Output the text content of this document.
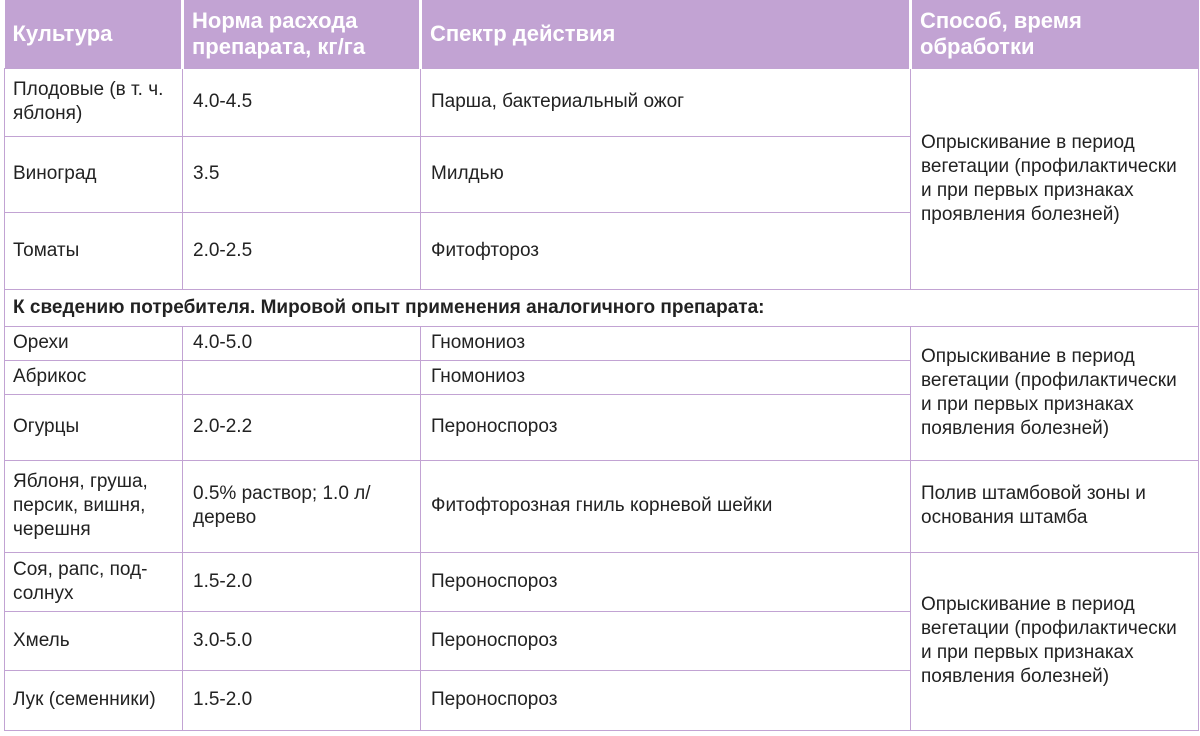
Культура	Норма расхода препарата, кг/га	Спектр действия	Способ, время обработки
Плодовые (в т. ч. яблоня)	4.0-4.5	Парша, бактериальный ожог	Опрыскивание в период вегетации (профилактически и при первых признаках проявления болезней)
Виноград	3.5	Милдью	
Томаты	2.0-2.5	Фитофтороз	
К сведению потребителя. Мировой опыт применения аналогичного препарата:			
Орехи	4.0-5.0	Гномониоз	Опрыскивание в период вегетации (профилактически и при первых признаках появления болезней)
Абрикос		Гномониоз	
Огурцы	2.0-2.2	Пероноспороз	
Яблоня, груша, персик, вишня, черешня	0.5% раствор; 1.0 л/дерево	Фитофторозная гниль корневой шейки	Полив штамбовой зоны и основания штамба
Соя, рапс, под-солнух	1.5-2.0	Пероноспороз	Опрыскивание в период вегетации (профилактически и при первых признаках появления болезней)
Хмель	3.0-5.0	Пероноспороз	
Лук (семенники)	1.5-2.0	Пероноспороз	
